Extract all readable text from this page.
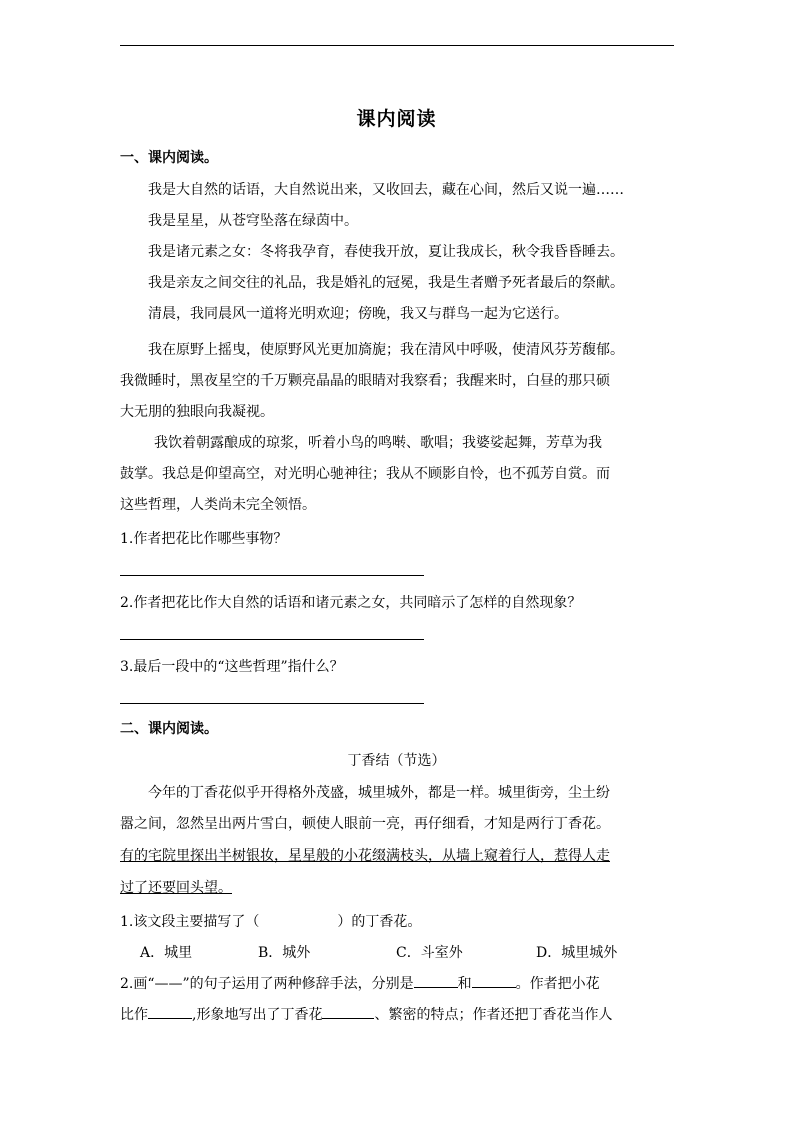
课内阅读
一、课内阅读。
我是大自然的话语，大自然说出来，又收回去，藏在心间，然后又说一遍……
我是星星，从苍穹坠落在绿茵中。
我是诸元素之女：冬将我孕育，春使我开放，夏让我成长，秋令我昏昏睡去。
我是亲友之间交往的礼品，我是婚礼的冠冕，我是生者赠予死者最后的祭献。
清晨，我同晨风一道将光明欢迎；傍晚，我又与群鸟一起为它送行。
我在原野上摇曳，使原野风光更加旖旎；我在清风中呼吸，使清风芬芳馥郁。
我微睡时，黑夜星空的千万颗亮晶晶的眼睛对我察看；我醒来时，白昼的那只硕
大无朋的独眼向我凝视。
我饮着朝露酿成的琼浆，听着小鸟的鸣啭、歌唱；我婆娑起舞，芳草为我
鼓掌。我总是仰望高空，对光明心驰神往；我从不顾影自怜，也不孤芳自赏。而
这些哲理，人类尚未完全领悟。
1.作者把花比作哪些事物？
2.作者把花比作大自然的话语和诸元素之女，共同暗示了怎样的自然现象？
3.最后一段中的“这些哲理”指什么？
二、课内阅读。
丁香结（节选）
今年的丁香花似乎开得格外茂盛，城里城外，都是一样。城里街旁，尘土纷
嚣之间，忽然呈出两片雪白，顿使人眼前一亮，再仔细看，才知是两行丁香花。
有的宅院里探出半树银妆，星星般的小花缀满枝头，从墙上窥着行人，惹得人走
过了还要回头望。
1.该文段主要描写了（	）的丁香花。
A．城里	B．城外	C．斗室外	D．城里城外
2.画“——”的句子运用了两种修辞手法，分别是	和	。作者把小花
比作	,形象地写出了丁香花	、繁密的特点；作者还把丁香花当作人
